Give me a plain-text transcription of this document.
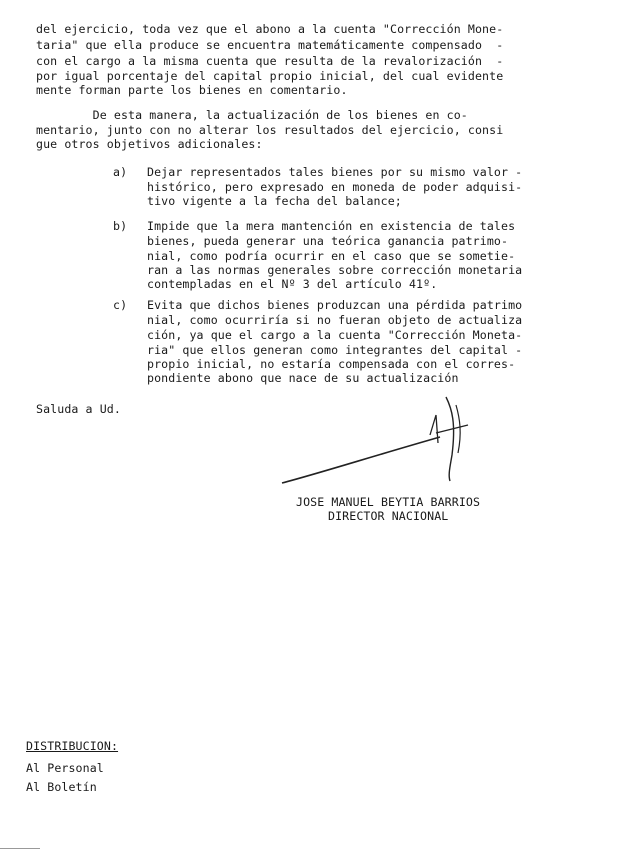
del ejercicio, toda vez que el abono a la cuenta "Corrección Mone-
taria" que ella produce se encuentra matemáticamente compensado  -
con el cargo a la misma cuenta que resulta de la revalorización  -
por igual porcentaje del capital propio inicial, del cual evidente
mente forman parte los bienes en comentario.
De esta manera, la actualización de los bienes en co-
mentario, junto con no alterar los resultados del ejercicio, consi
gue otros objetivos adicionales:
a) Dejar representados tales bienes por su mismo valor -
histórico, pero expresado en moneda de poder adquisi-
tivo vigente a la fecha del balance;
b) Impide que la mera mantención en existencia de tales
bienes, pueda generar una teórica ganancia patrimo-
nial, como podría ocurrir en el caso que se sometie-
ran a las normas generales sobre corrección monetaria
contempladas en el Nº 3 del artículo 41º.
c) Evita que dichos bienes produzcan una pérdida patrimo
nial, como ocurriría si no fueran objeto de actualiza
ción, ya que el cargo a la cuenta "Corrección Moneta-
ria" que ellos generan como integrantes del capital -
propio inicial, no estaría compensada con el corres-
pondiente abono que nace de su actualización
Saluda a Ud.
JOSE MANUEL BEYTIA BARRIOS
DIRECTOR NACIONAL
DISTRIBUCION:
Al Personal
Al Boletín
